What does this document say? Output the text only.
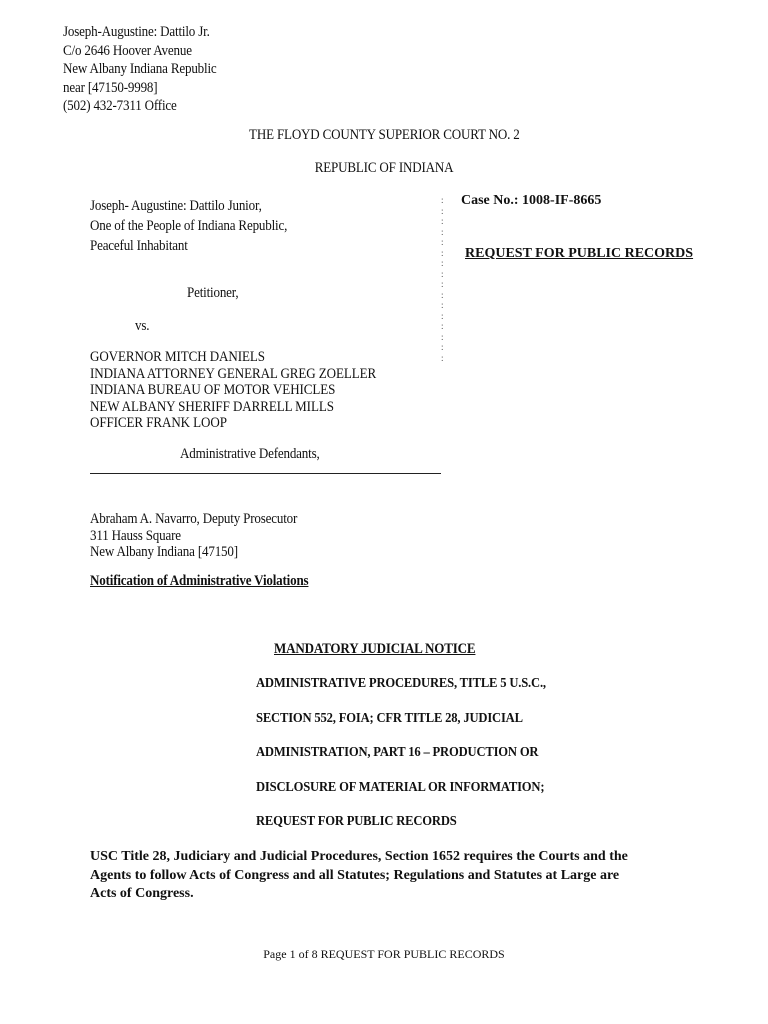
Joseph-Augustine: Dattilo Jr.
C/o 2646 Hoover Avenue
New Albany Indiana Republic
near [47150-9998]
(502) 432-7311 Office
THE FLOYD COUNTY SUPERIOR COURT NO. 2
REPUBLIC OF INDIANA
Joseph- Augustine: Dattilo Junior,
One of the People of Indiana Republic,
Peaceful Inhabitant
Petitioner,
vs.
GOVERNOR MITCH DANIELS
INDIANA ATTORNEY GENERAL GREG ZOELLER
INDIANA BUREAU OF MOTOR VEHICLES
NEW ALBANY SHERIFF DARRELL MILLS
OFFICER FRANK LOOP
Administrative Defendants,
:
:
:
:
:
:
:
:
:
:
:
:
:
:
:
:
Case No.: 1008-IF-8665
REQUEST FOR PUBLIC RECORDS
Abraham A. Navarro, Deputy Prosecutor
311 Hauss Square
New Albany Indiana [47150]
Notification of Administrative Violations
MANDATORY JUDICIAL NOTICE
ADMINISTRATIVE PROCEDURES, TITLE 5 U.S.C.,
SECTION 552, FOIA; CFR TITLE 28, JUDICIAL
ADMINISTRATION, PART 16 – PRODUCTION OR
DISCLOSURE OF MATERIAL OR INFORMATION;
REQUEST FOR PUBLIC RECORDS
USC Title 28, Judiciary and Judicial Procedures, Section 1652 requires the Courts and the
Agents to follow Acts of Congress and all Statutes; Regulations and Statutes at Large are
Acts of Congress.
Page 1 of 8 REQUEST FOR PUBLIC RECORDS
